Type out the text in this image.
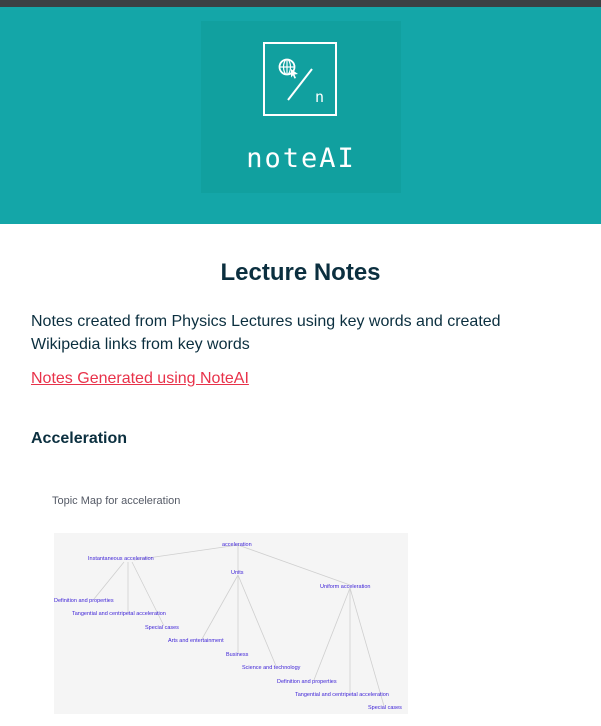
n
noteAI
Lecture Notes

Notes created from Physics Lectures using key words and created Wikipedia links from key words

Notes Generated using NoteAI
Acceleration
Topic Map for acceleration
acceleration
Instantaneous acceleration
Units
Uniform acceleration
Definition and properties
Tangential and centripetal acceleration
Special cases
Arts and entertainment
Business
Science and technology
Definition and properties
Tangential and centripetal acceleration
Special cases
